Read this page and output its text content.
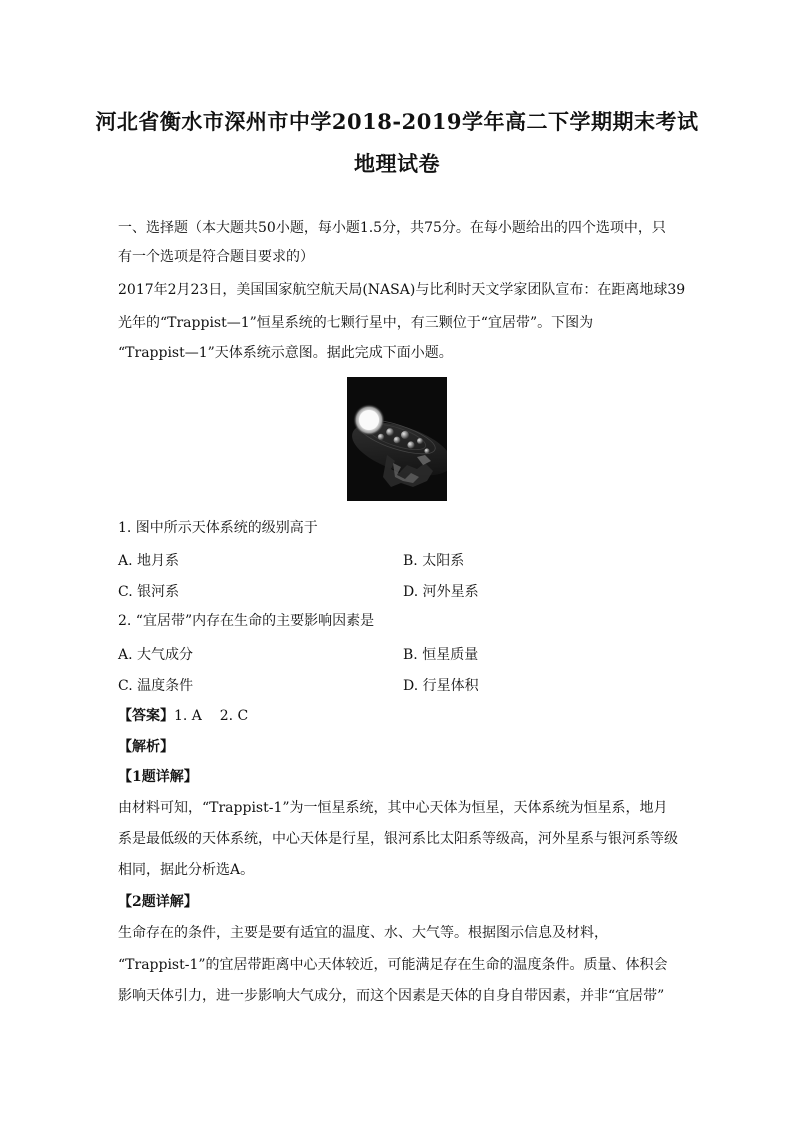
河北省衡水市深州市中学2018-2019学年高二下学期期末考试
地理试卷
一、选择题（本大题共50小题，每小题1.5分，共75分。在每小题给出的四个选项中，只
有一个选项是符合题目要求的）
2017年2月23日，美国国家航空航天局(NASA)与比利时天文学家团队宣布：在距离地球39
光年的“Trappist—1”恒星系统的七颗行星中，有三颗位于“宜居带”。下图为
“Trappist—1”天体系统示意图。据此完成下面小题。
1. 图中所示天体系统的级别高于
A. 地月系	B. 太阳系
C. 银河系	D. 河外星系
2. “宜居带”内存在生命的主要影响因素是
A. 大气成分	B. 恒星质量
C. 温度条件	D. 行星体积
【答案】1. A    2. C
【解析】
【1题详解】
由材料可知，“Trappist-1”为一恒星系统，其中心天体为恒星，天体系统为恒星系，地月
系是最低级的天体系统，中心天体是行星，银河系比太阳系等级高，河外星系与银河系等级
相同，据此分析选A。
【2题详解】
生命存在的条件，主要是要有适宜的温度、水、大气等。根据图示信息及材料，
“Trappist-1”的宜居带距离中心天体较近，可能满足存在生命的温度条件。质量、体积会
影响天体引力，进一步影响大气成分，而这个因素是天体的自身自带因素，并非“宜居带”
